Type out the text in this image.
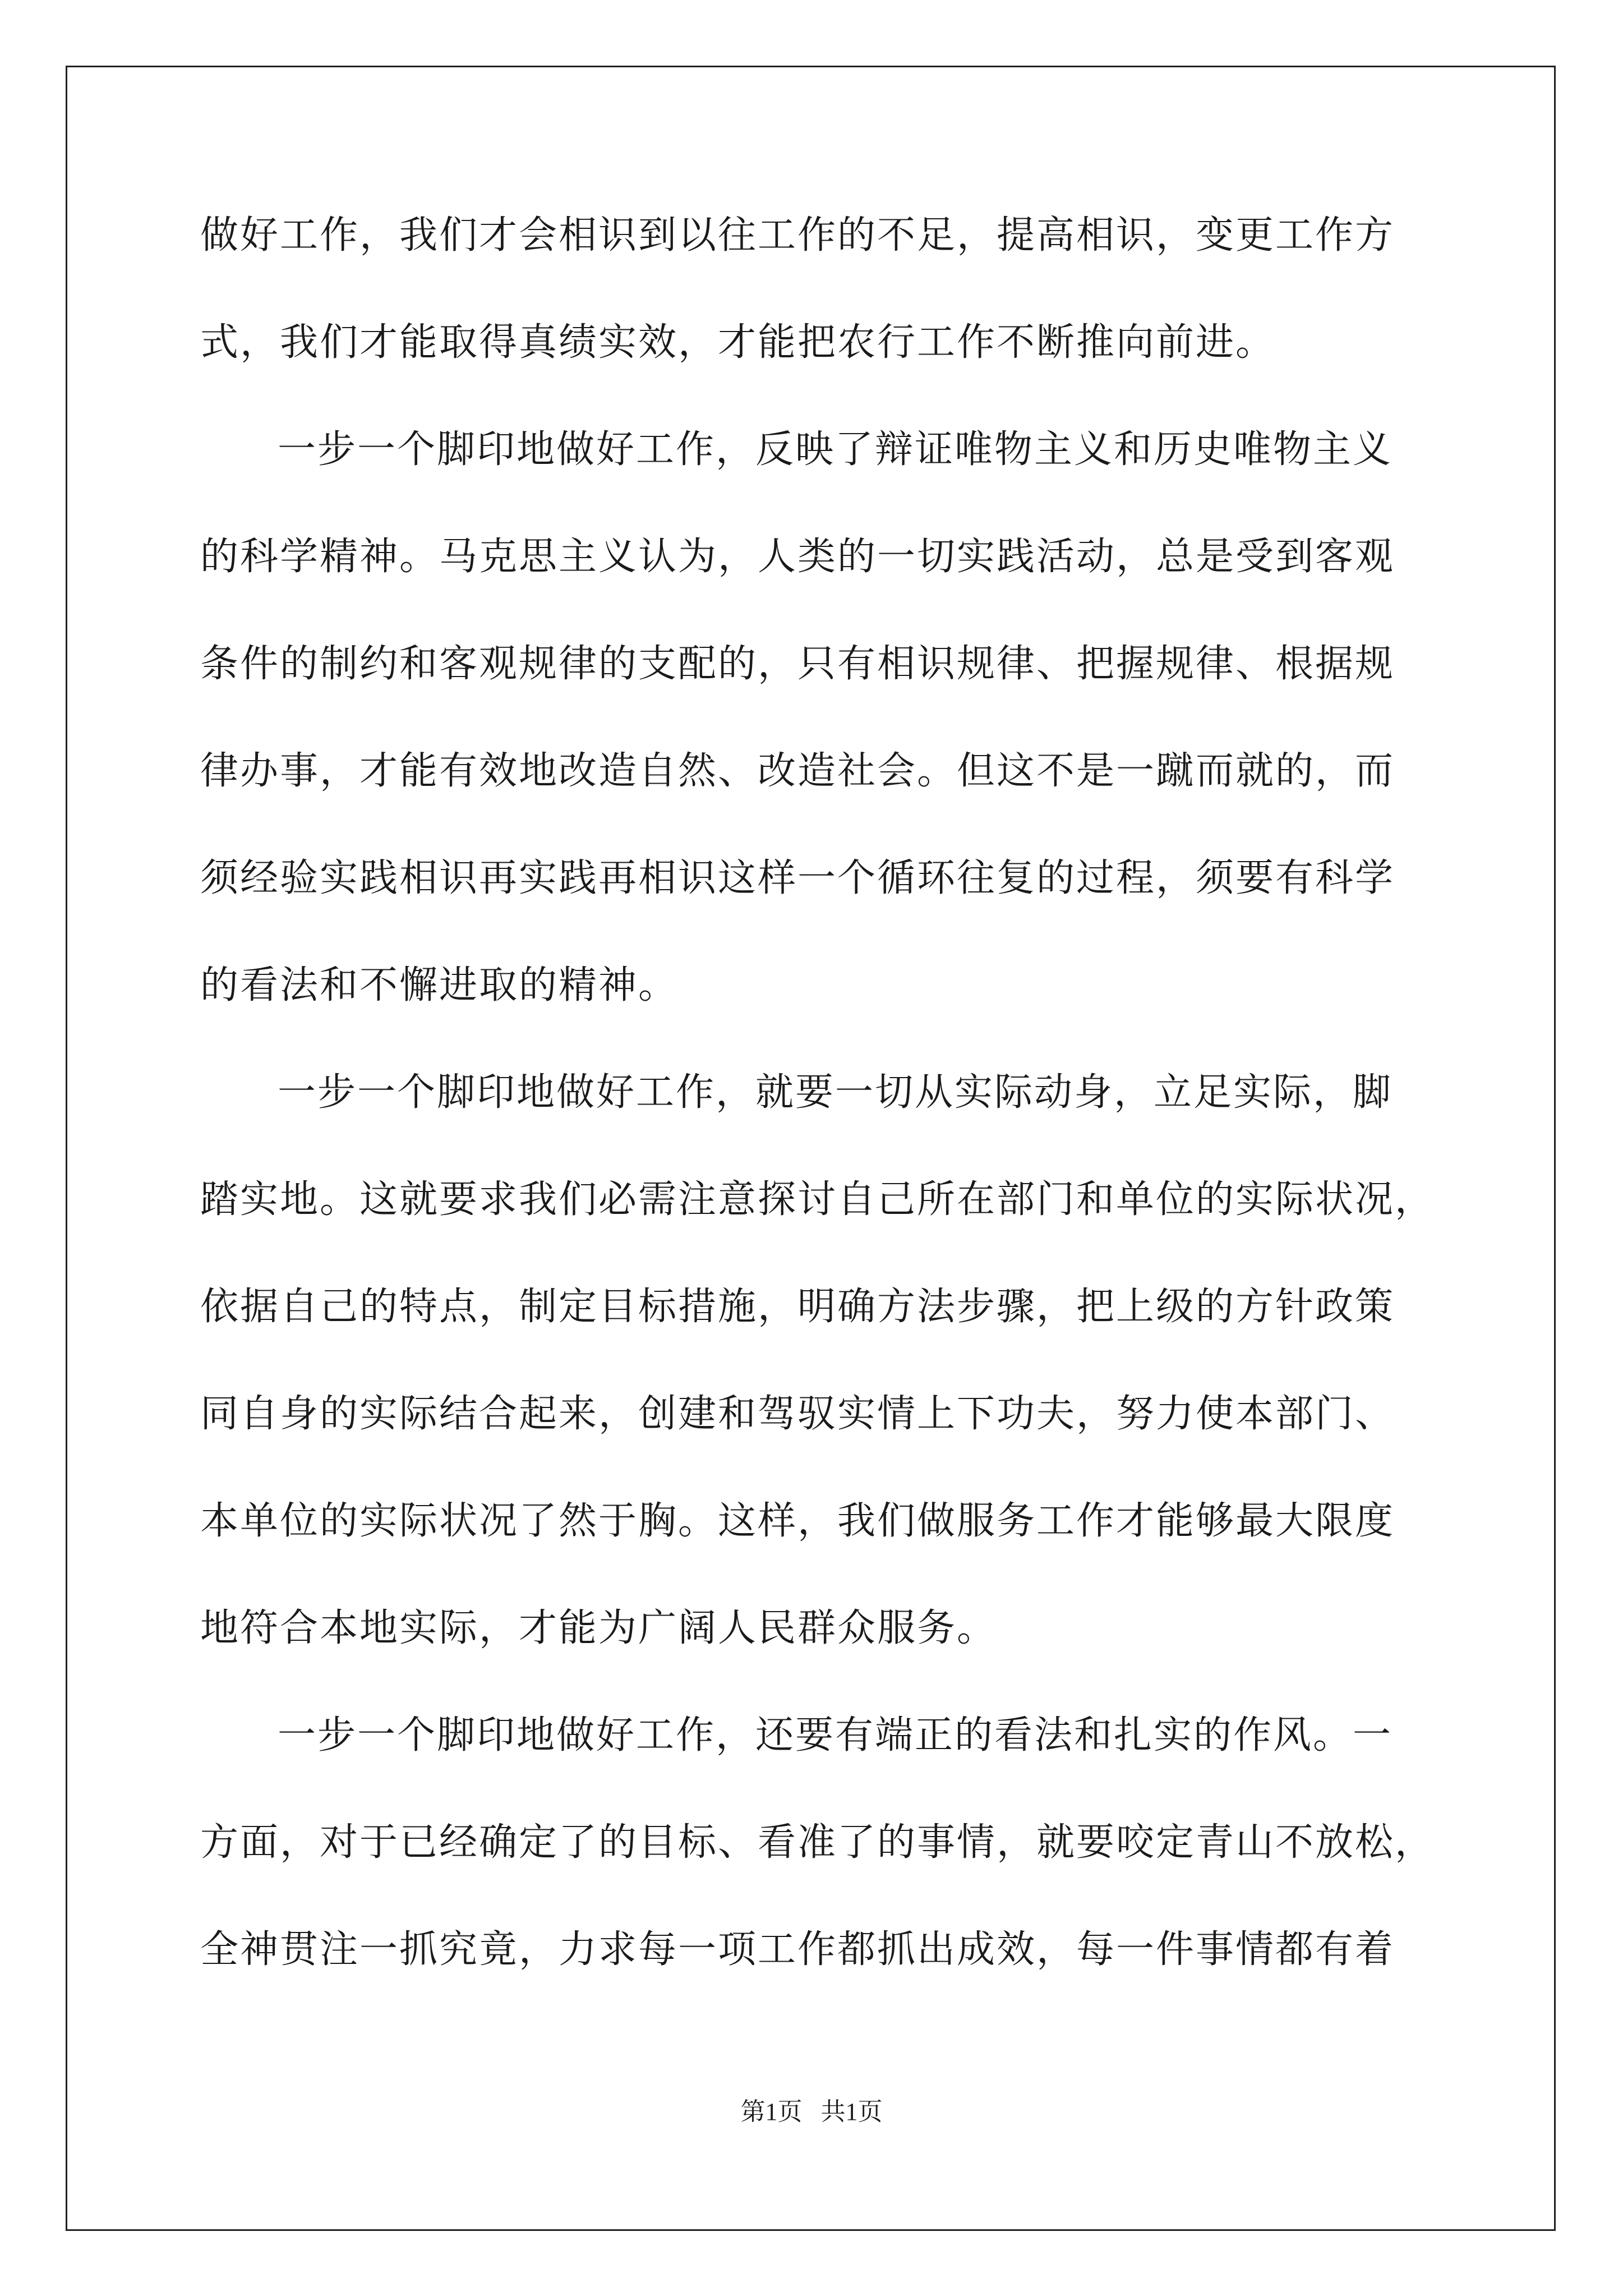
做好工作，我们才会相识到以往工作的不足，提高相识，变更工作方
式，我们才能取得真绩实效，才能把农行工作不断推向前进。
一步一个脚印地做好工作，反映了辩证唯物主义和历史唯物主义
的科学精神。马克思主义认为，人类的一切实践活动，总是受到客观
条件的制约和客观规律的支配的，只有相识规律、把握规律、根据规
律办事，才能有效地改造自然、改造社会。但这不是一蹴而就的，而
须经验实践相识再实践再相识这样一个循环往复的过程，须要有科学
的看法和不懈进取的精神。
一步一个脚印地做好工作，就要一切从实际动身，立足实际，脚
踏实地。这就要求我们必需注意探讨自己所在部门和单位的实际状况，
依据自己的特点，制定目标措施，明确方法步骤，把上级的方针政策
同自身的实际结合起来，创建和驾驭实情上下功夫，努力使本部门、
本单位的实际状况了然于胸。这样，我们做服务工作才能够最大限度
地符合本地实际，才能为广阔人民群众服务。
一步一个脚印地做好工作，还要有端正的看法和扎实的作风。一
方面，对于已经确定了的目标、看准了的事情，就要咬定青山不放松，
全神贯注一抓究竟，力求每一项工作都抓出成效，每一件事情都有着
第1页   共1页
